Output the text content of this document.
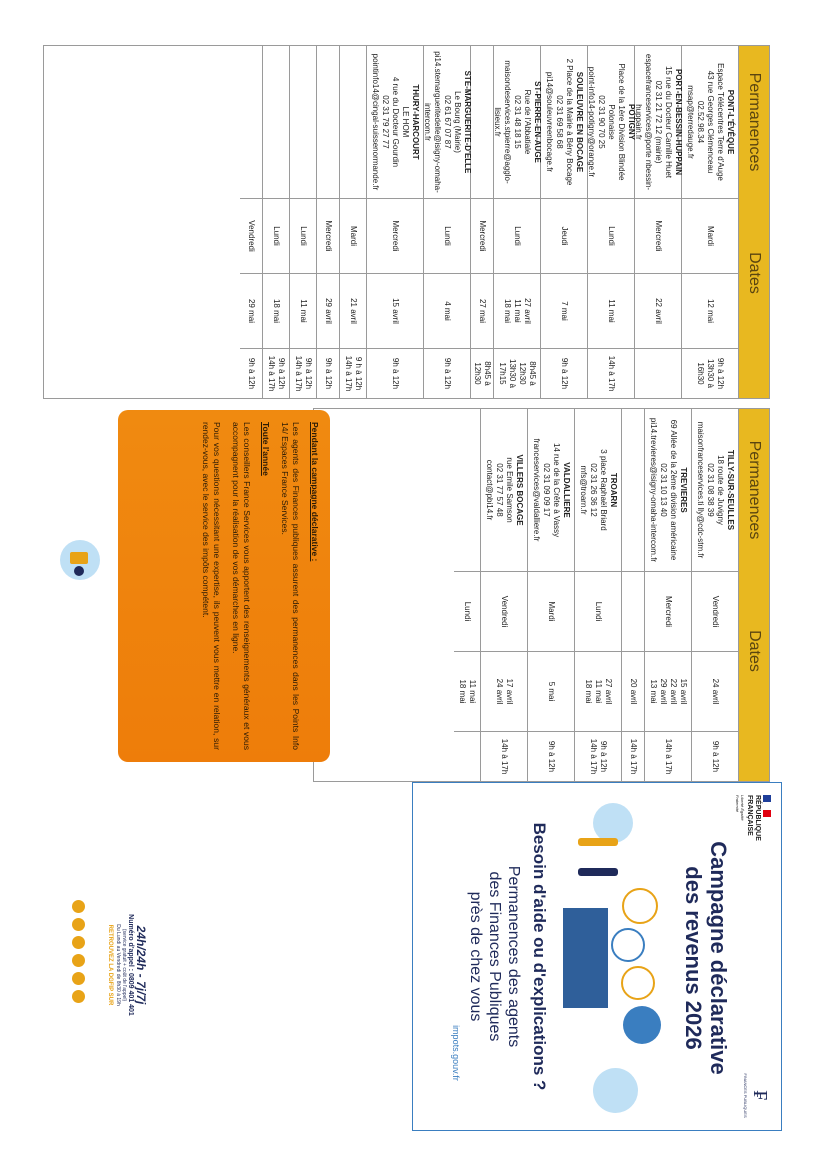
Permanences
Dates
PONT-L'ÉVÊQUE
Espace Télécentres Terre d'Auge
43 rue Georges Clémenceau
02.52.98.34
msap@terredauge.fr
Mardi
12 mai
9h à 12h
13h30 à 16h30
PORT-EN-BESSIN-HUPPAIN
15 rue du Docteur Camille Huet
02 31 21 72 12 (mairie)
espacefranceservices@porte nbessin-huppain.fr
Mercredi
22 avril
POTIGNY
Place de la 1ère Division Blindée Polonaise
02 31 90 70 25
point-info14-potigny@orange.fr
Lundi
11 mai
14h à 17h
SOULEUVRE EN BOCAGE
2 Place de la Mairie à Bény Bocage
02 31 69 58 68
pi14@souleuvreenbocage.fr
Jeudi
7 mai
9h à 12h
ST-PIERRE-EN-AUGE
Rue de l'Abbatiale
02 31 48 18 15
maisondeservices.stpierre@agglo-lisieux.fr
Lundi
27 avril
11 mai
18 mai
8h45 à 12h30
13h30 à
17h15
Mercredi
27 mai
8h45 à 12h30
STE-MARGUERITE-D'ELLE
Le Bourg (Mairie)
02 61 67 07 87
pi14.stemargueritedelle@isigny-omaha-intercom.fr
Lundi
4 mai
9h à 12h
THURY-HARCOURT
LE HOM
4 rue du Docteur Gourdin
02 31 79 27 77
pointinfo14@cingal-suissenormande.fr
Mercredi
15 avril
9h à 12h
Mardi
21 avril
9 h à 12h
14h à 17h
Mercredi
29 avril
9h à 12h
Lundi
11 mai
9h à 12h
14h à 17h
Lundi
18 mai
9h à 12h
14h à 17h
Vendredi
29 mai
9h à 12h
Permanences
Dates
TILLY-SUR-SEULLES
18 route de Juvigny
02 31 08 38 39
maisonfranceservices.ti lly@cdc-stm.fr
Vendredi
24 avril
9h à 12h
TREVIERES
69 Allée de la 2ème division américaine
02 31 10 13 40
pi14.trevieres@isigny-omaha-intercom.fr
Mercredi
15 avril
22 avril
29 avril
13 mai
14h à 17h
20 avril
14h à 17h
TROARN
3 place Raphaël Briard
02 31 26 36 12
mfs@troarn.fr
Lundi
27 avril
11 mai
18 mai
9h à 12h
14h à 17h
VALDALLIERE
14 rue de la Crête à Vassy
02 31 09 09 17
franceservices@valdalliere.fr
Mardi
5 mai
9h à 12h
VILLERS BOCAGE
rue Emile Samson
02 31 77 57 48
contact@pbi14.fr
Vendredi
17 avril
24 avril
14h à 17h
Lundi
11 mai
18 mai

Pendant la campagne déclarative :

Les agents des Finances publiques assurent des permanences dans les Points Info 14/ Espaces France Services.

Toute l'année

Les conseillers France Services vous apportent des renseignements généraux et vous accompagnent pour la réalisation de vos démarches en ligne.

Pour vos questions nécessitant une expertise, ils peuvent vous mettre en relation, sur rendez-vous, avec le service des impôts compétent.

RÉPUBLIQUE FRANÇAISE
Liberté Égalité Fraternité
₣
FINANCES PUBLIQUES
Campagne déclarative des revenus 2026
Besoin d'aide ou d'explications ?
Permanences des agents
des Finances Publiques
près de chez vous
impots.gouv.fr
24h/24h - 7j/7j
Numéro d'appel : 0809 401 401
(service gratuit + coût de l'appel)
Du Lundi au Vendredi de 8h30 à 19h
RETROUVEZ LA DGFIP SUR
